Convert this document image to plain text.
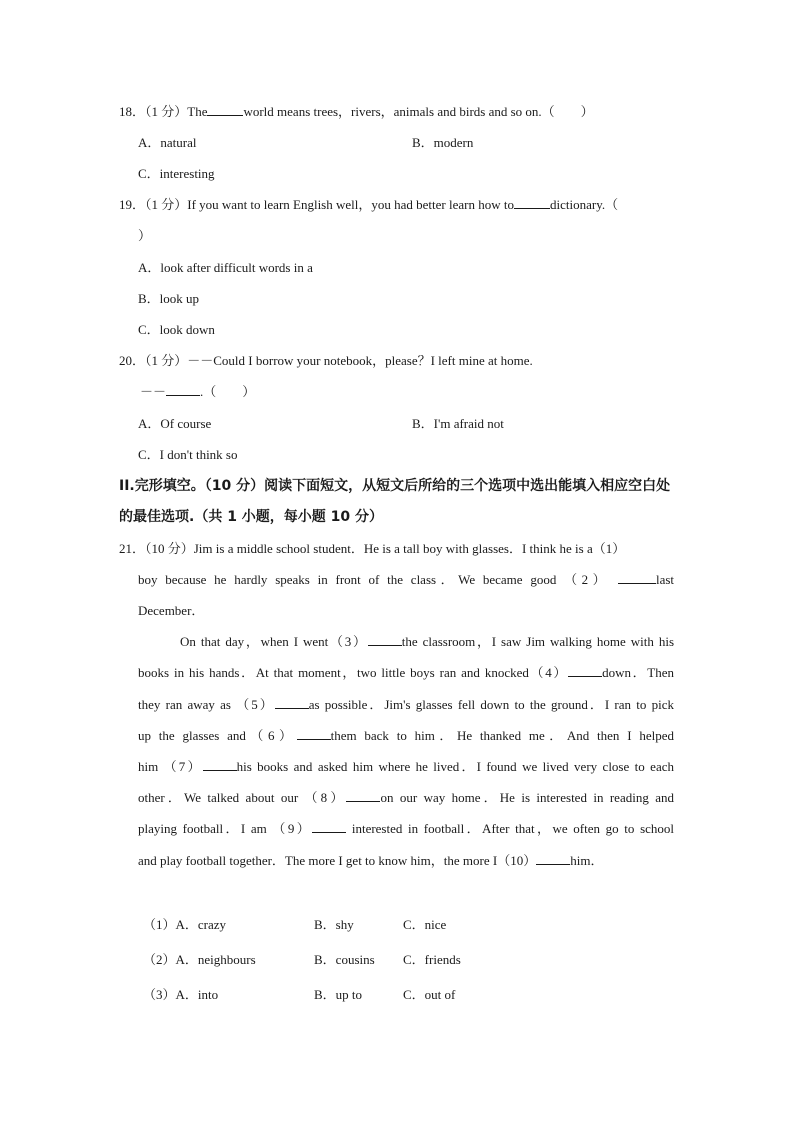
18．（1 分）The	world means trees，rivers，animals and birds and so on.（　　）
A．natural	B．modern
C．interesting
19．（1 分）If you want to learn English well，you had better learn how to	dictionary.（
）
A．look after difficult words in a
B．look up
C．look down
20．（1 分）－－Could I borrow your notebook，please？I left mine at home.
－－	.（　　）
A．Of course	B．I'm afraid not
C．I don't think so
II.完形填空。（10 分）阅读下面短文，从短文后所给的三个选项中选出能填入相应空白处
的最佳选项.（共 1 小题，每小题 10 分）
21．（10 分）Jim is a middle school student．He is a tall boy with glasses．I think he is a（1）
boy because he hardly speaks in front of the class．We became good （2）	last
December．
On that day，when I went（3）	the classroom，I saw Jim walking home with his
books in his hands．At that moment，two little boys ran and knocked（4）	down．Then
they ran away as （5）	as possible．Jim's glasses fell down to the ground．I ran to pick
up the glasses and（6）	them back to him．He thanked me．And then I helped
him （7）	his books and asked him where he lived．I found we lived very close to each
other．We talked about our （8）	on our way home．He is interested in reading and
playing football．I am （9）	interested in football．After that，we often go to school
and play football together．The more I get to know him，the more I（10）	him．
（1）A．crazy	B．shy	C．nice
（2）A．neighbours	B．cousins C．friends
（3）A．into	B．up to	C．out of
